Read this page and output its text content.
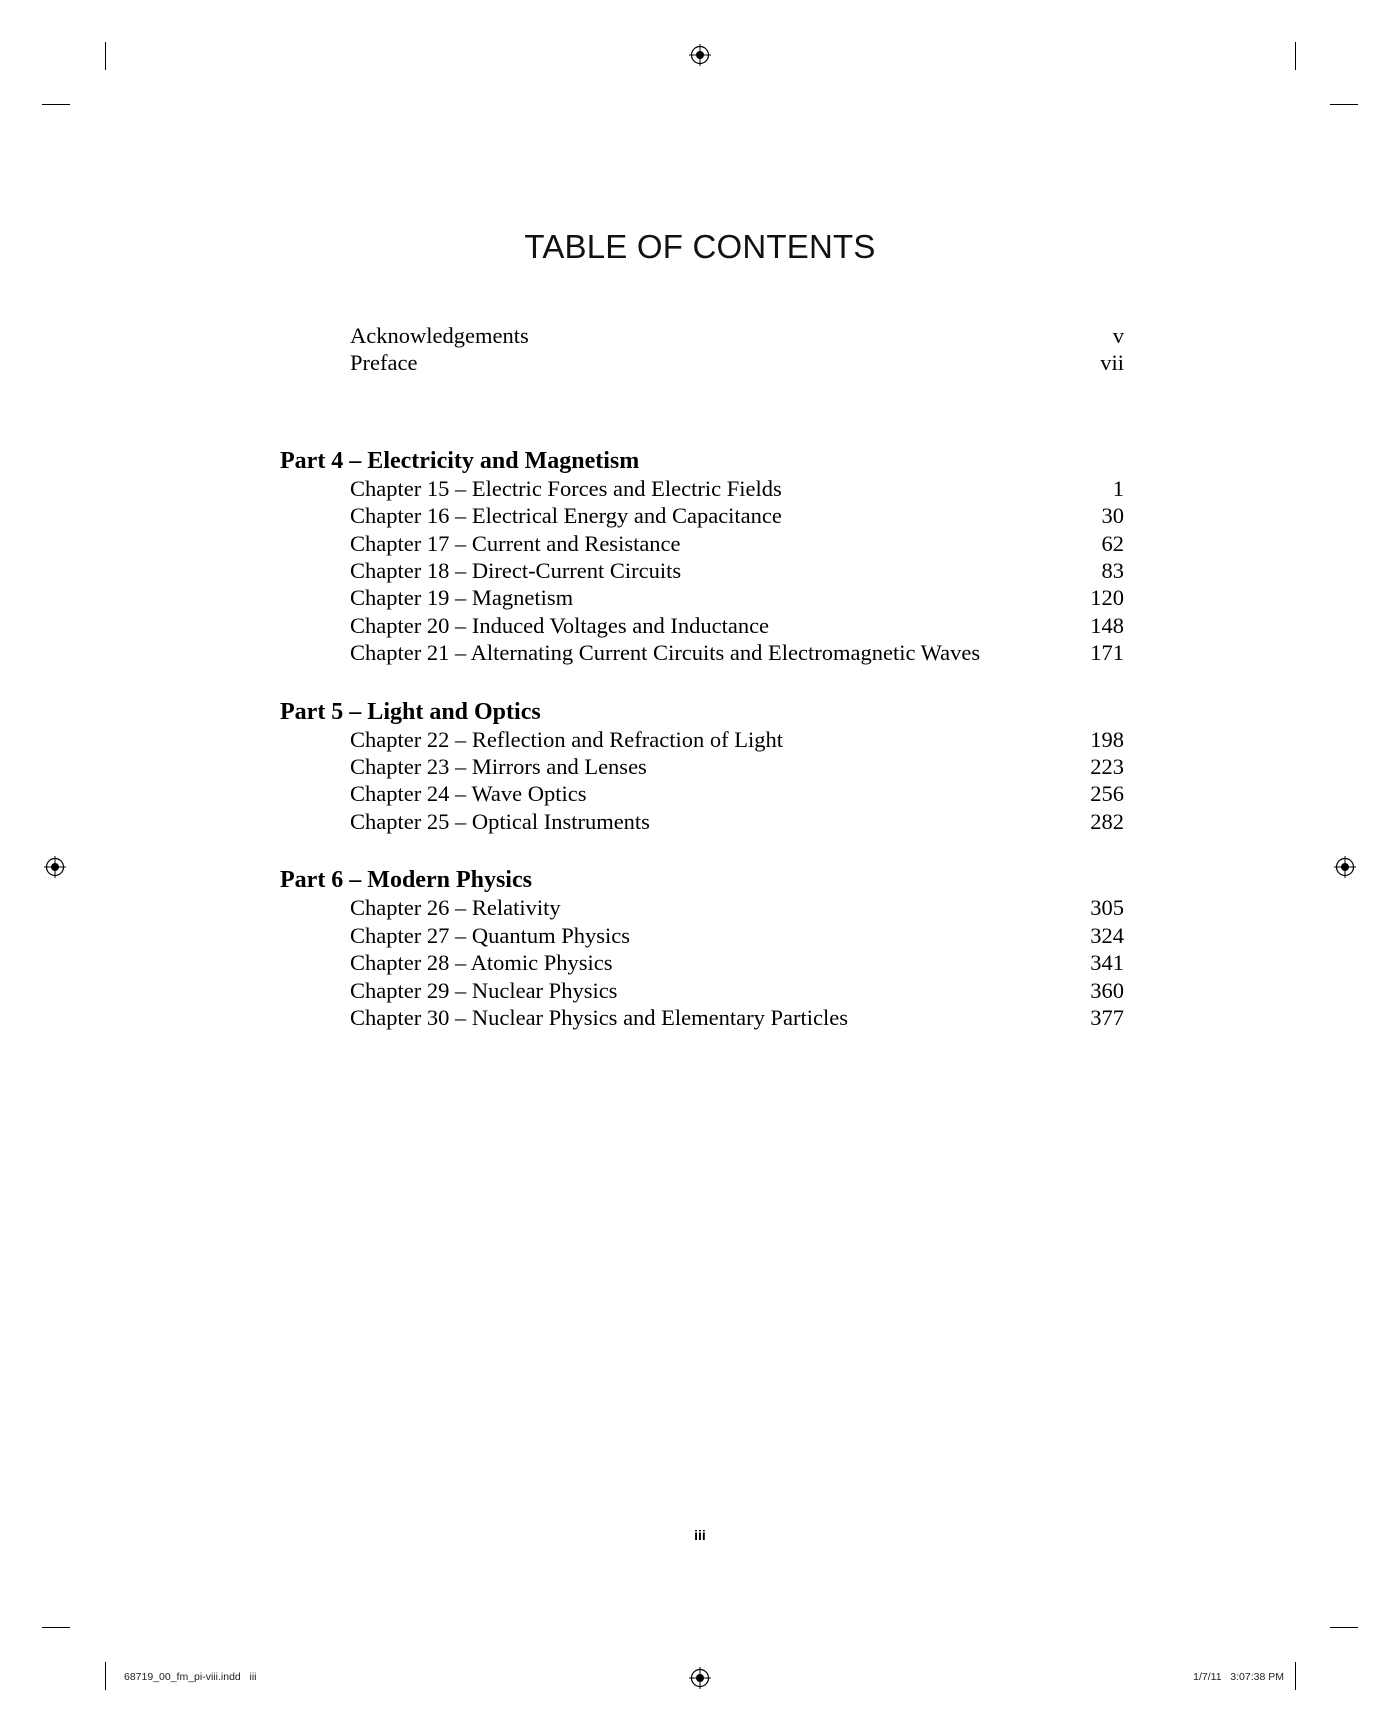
TABLE OF CONTENTS
Acknowledgements	v
Preface	vii
Part 4 – Electricity and Magnetism
Chapter 15 – Electric Forces and Electric Fields	1
Chapter 16 – Electrical Energy and Capacitance	30
Chapter 17 – Current and Resistance	62
Chapter 18 – Direct-Current Circuits	83
Chapter 19 – Magnetism	120
Chapter 20 – Induced Voltages and Inductance	148
Chapter 21 – Alternating Current Circuits and Electromagnetic Waves	171
Part 5 – Light and Optics
Chapter 22 – Reflection and Refraction of Light	198
Chapter 23 – Mirrors and Lenses	223
Chapter 24 – Wave Optics	256
Chapter 25 – Optical Instruments	282
Part 6 – Modern Physics
Chapter 26 – Relativity	305
Chapter 27 – Quantum Physics	324
Chapter 28 – Atomic Physics	341
Chapter 29 – Nuclear Physics	360
Chapter 30 – Nuclear Physics and Elementary Particles	377
iii
68719_00_fm_pi-viii.indd   iii	1/7/11   3:07:38 PM
